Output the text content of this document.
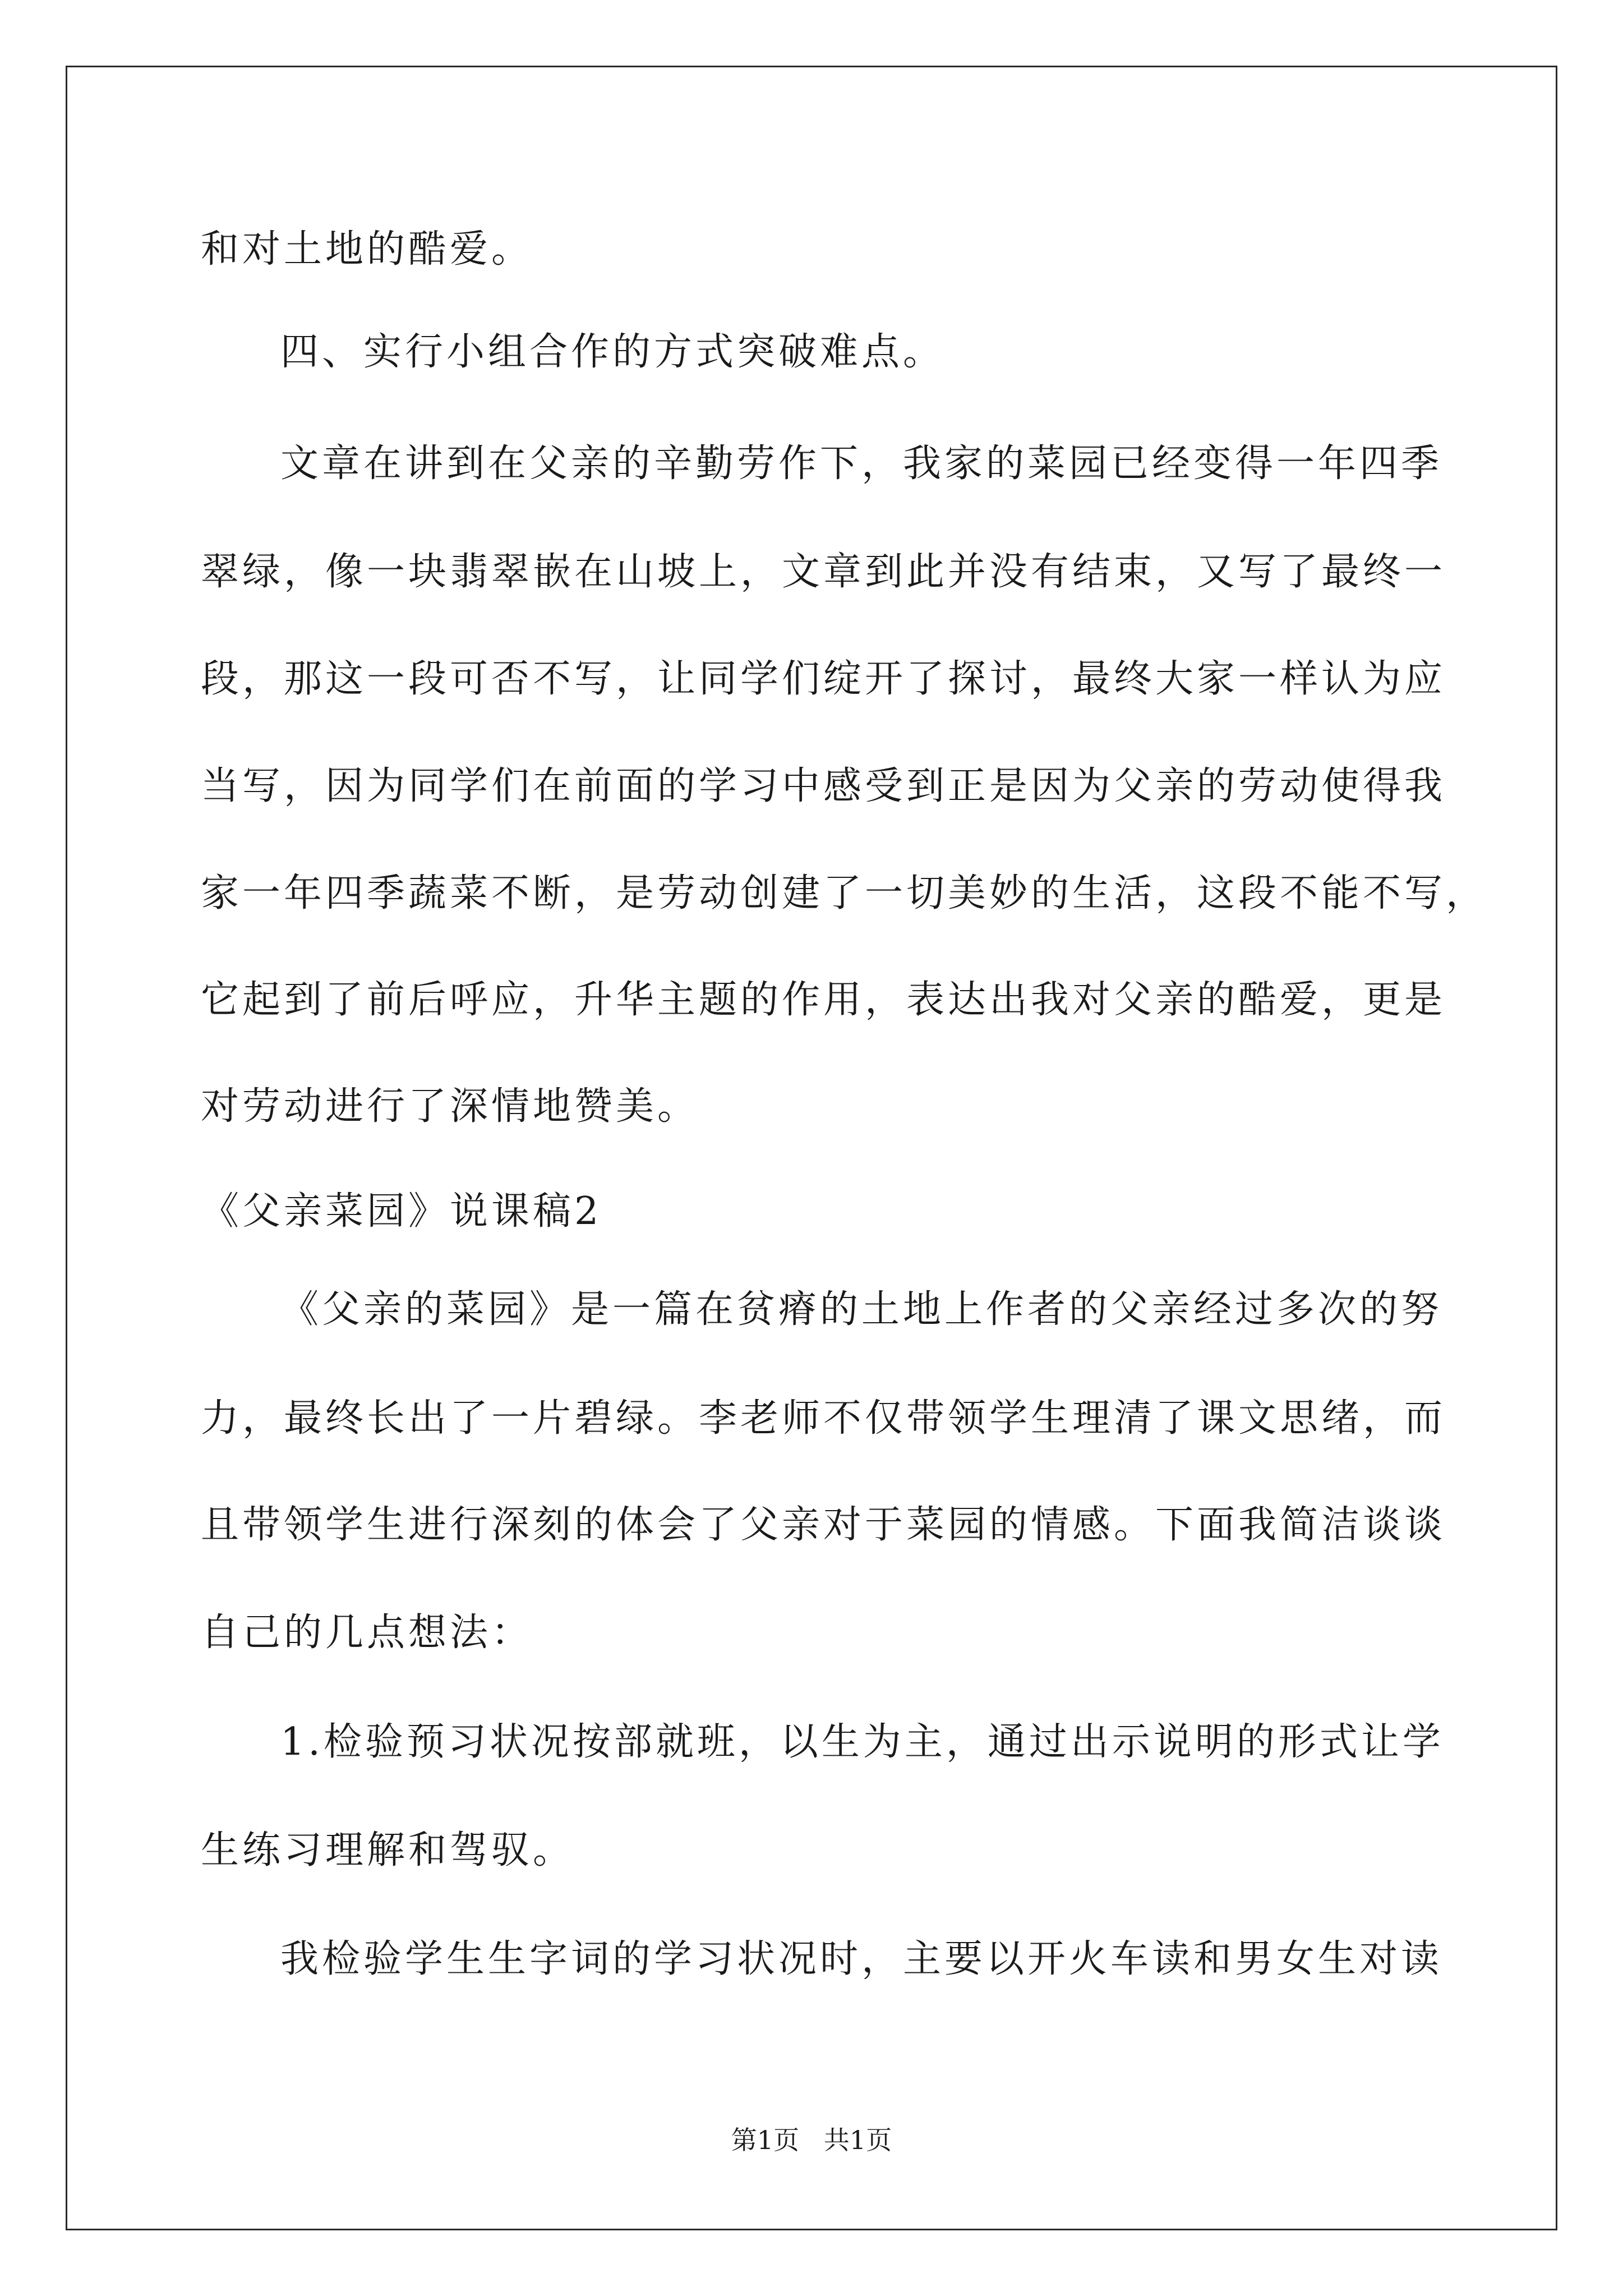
和对土地的酷爱。
四、实行小组合作的方式突破难点。
文章在讲到在父亲的辛勤劳作下，我家的菜园已经变得一年四季
翠绿，像一块翡翠嵌在山坡上，文章到此并没有结束，又写了最终一
段，那这一段可否不写，让同学们绽开了探讨，最终大家一样认为应
当写，因为同学们在前面的学习中感受到正是因为父亲的劳动使得我
家一年四季蔬菜不断，是劳动创建了一切美妙的生活，这段不能不写，
它起到了前后呼应，升华主题的作用，表达出我对父亲的酷爱，更是
对劳动进行了深情地赞美。
《父亲菜园》说课稿2
《父亲的菜园》是一篇在贫瘠的土地上作者的父亲经过多次的努
力，最终长出了一片碧绿。李老师不仅带领学生理清了课文思绪，而
且带领学生进行深刻的体会了父亲对于菜园的情感。下面我简洁谈谈
自己的几点想法：
1.检验预习状况按部就班，以生为主，通过出示说明的形式让学
生练习理解和驾驭。
我检验学生生字词的学习状况时，主要以开火车读和男女生对读
第1页   共1页
